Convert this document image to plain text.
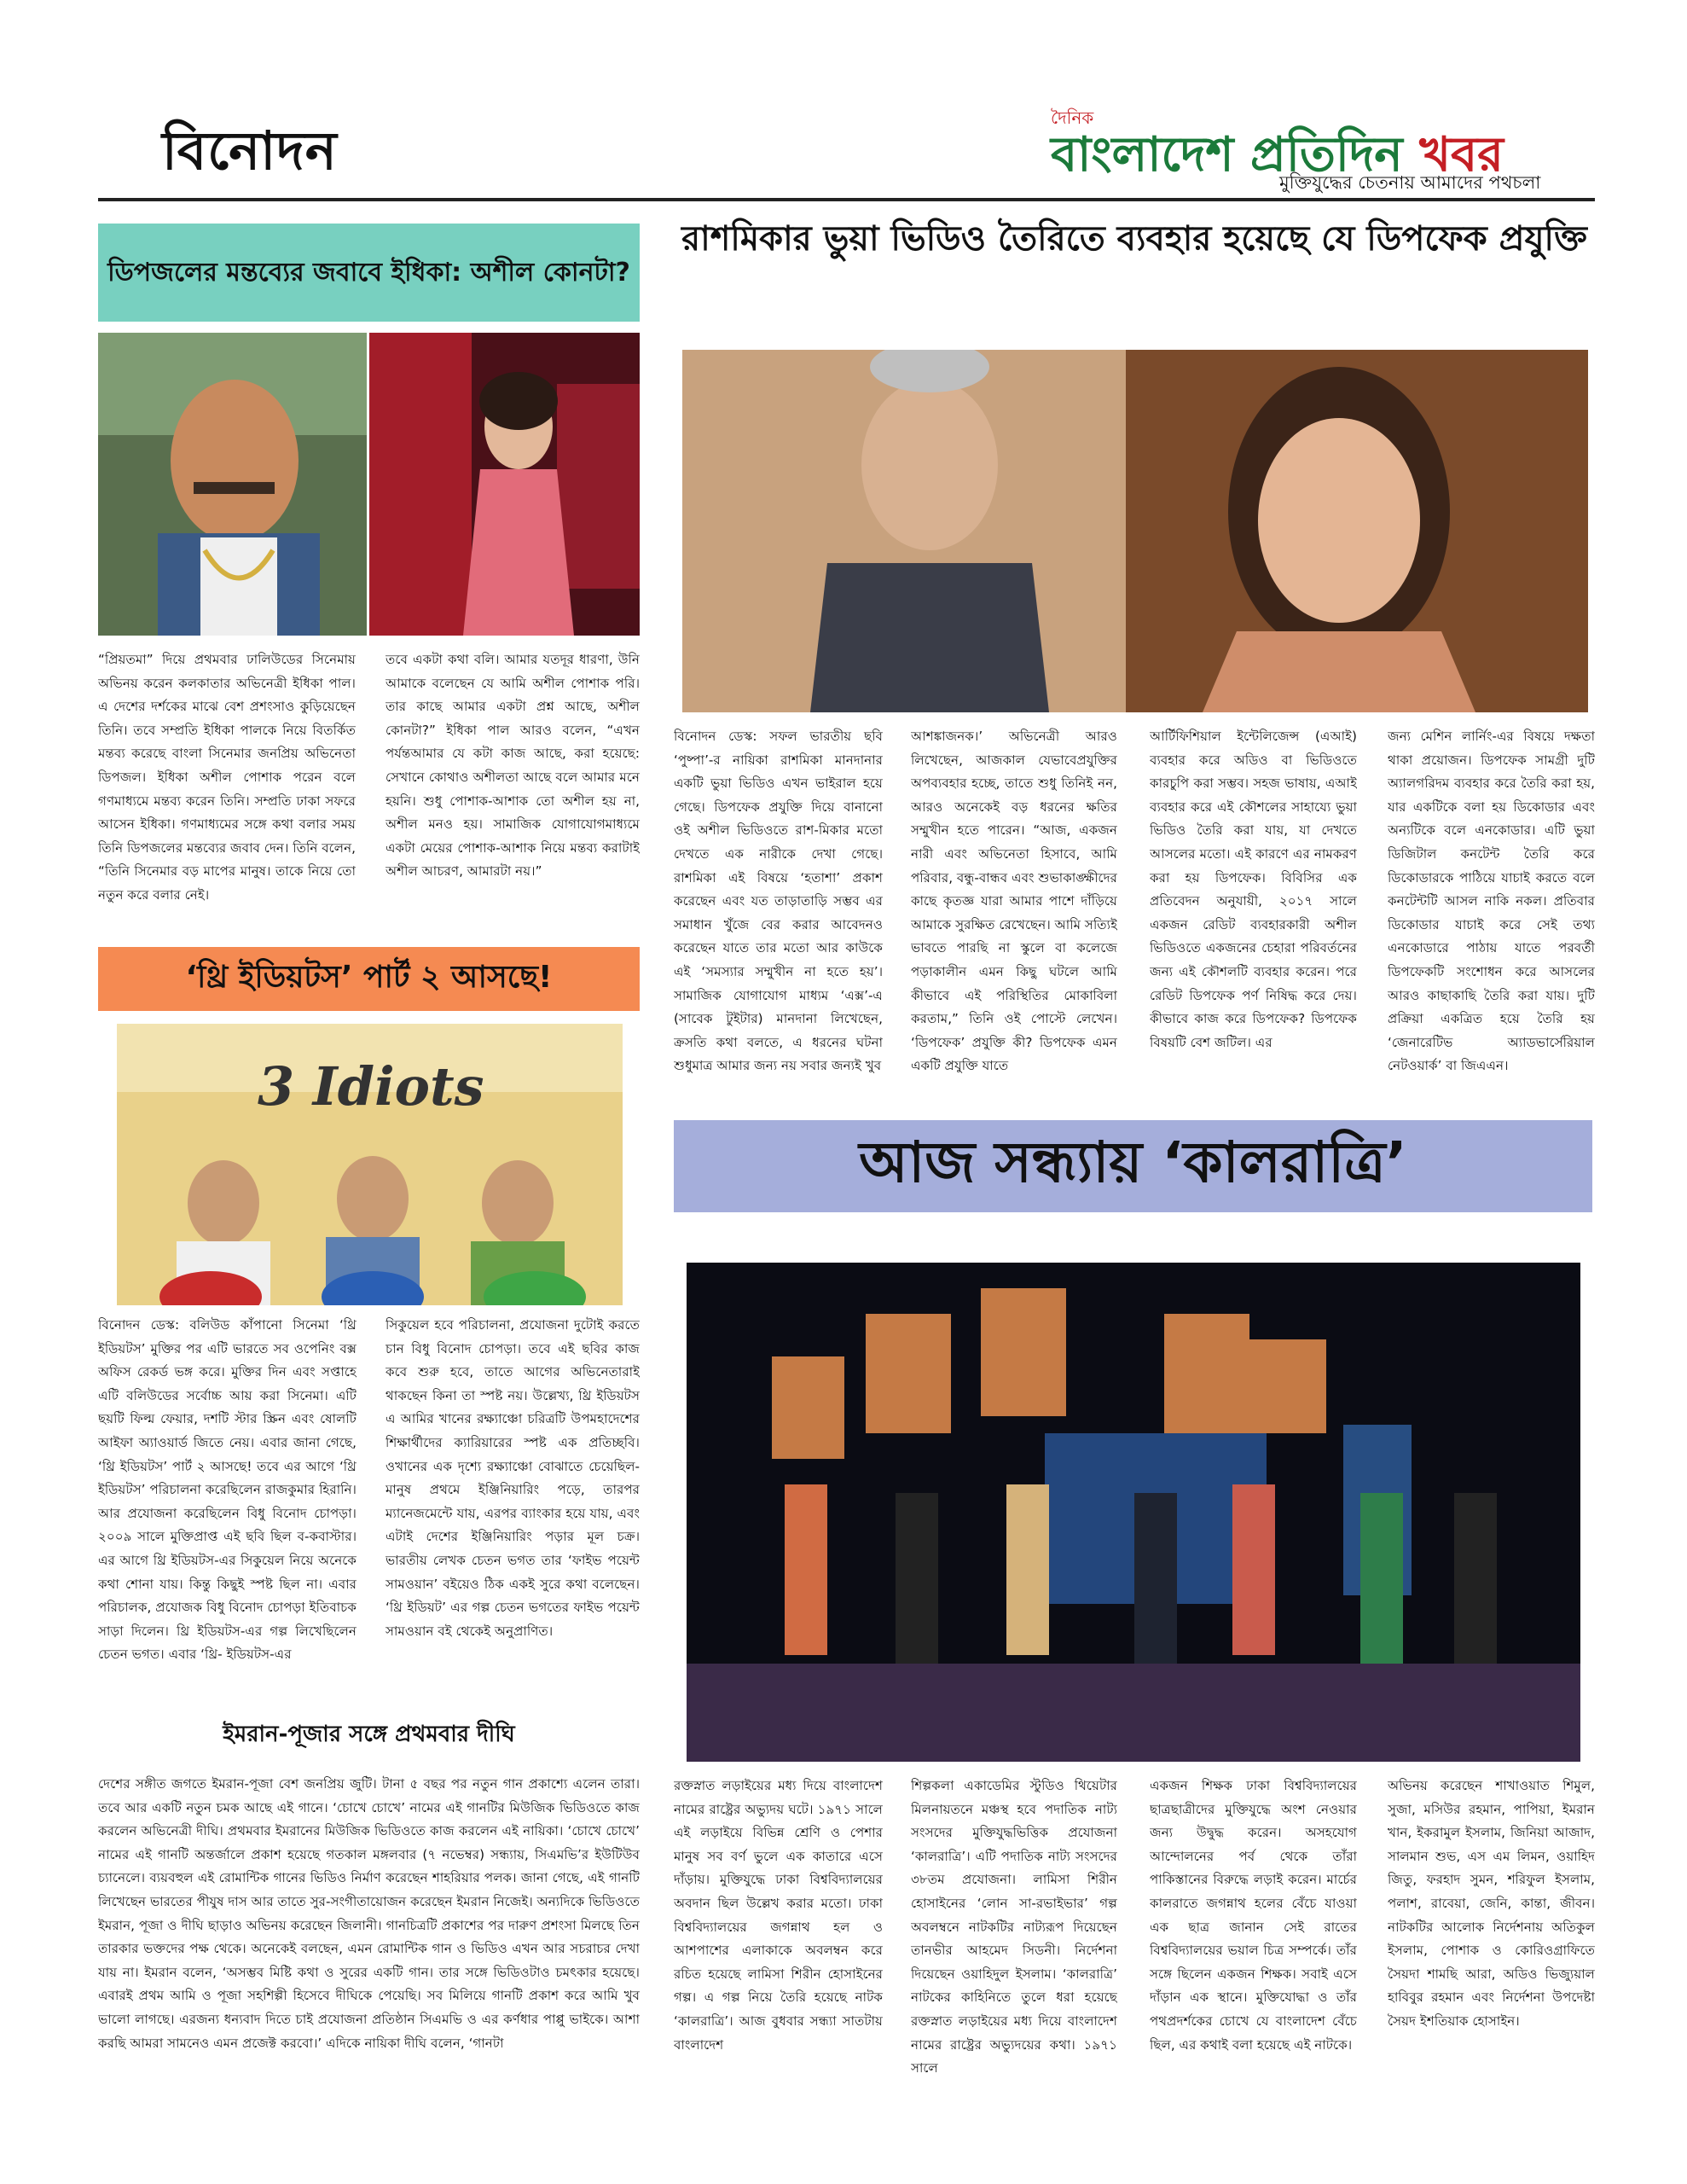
বিনোদন
দৈনিক
বাংলাদেশ প্রতিদিন খবর
মুক্তিযুদ্ধের চেতনায় আমাদের পথচলা
ডিপজলের মন্তব্যের জবাবে ইধিকা: অশীল কোনটা?
“প্রিয়তমা” দিয়ে প্রথমবার ঢালিউডের সিনেমায় অভিনয় করেন কলকাতার অভিনেত্রী ইধিকা পাল। এ দেশের দর্শকের মাঝে বেশ প্রশংসাও কুড়িয়েছেন তিনি। তবে সম্প্রতি ইধিকা পালকে নিয়ে বিতর্কিত মন্তব্য করেছে বাংলা সিনেমার জনপ্রিয় অভিনেতা ডিপজল। ইধিকা অশীল পোশাক পরেন বলে গণমাধ্যমে মন্তব্য করেন তিনি। সম্প্রতি ঢাকা সফরে আসেন ইধিকা। গণমাধ্যমের সঙ্গে কথা বলার সময় তিনি ডিপজলের মন্তব্যের জবাব দেন। তিনি বলেন, “তিনি সিনেমার বড় মাপের মানুষ। তাকে নিয়ে তো নতুন করে বলার নেই।
তবে একটা কথা বলি। আমার যতদূর ধারণা, উনি আমাকে বলেছেন যে আমি অশীল পোশাক পরি। তার কাছে আমার একটা প্রশ্ন আছে, অশীল কোনটা?” ইধিকা পাল আরও বলেন, “এখন পর্যন্তআমার যে কটা কাজ আছে, করা হয়েছে: সেখানে কোথাও অশীলতা আছে বলে আমার মনে হয়নি। শুধু পোশাক-আশাক তো অশীল হয় না, অশীল মনও হয়। সামাজিক যোগাযোগমাধ্যমে একটা মেয়ের পোশাক-আশাক নিয়ে মন্তব্য করাটাই অশীল আচরণ, আমারটা নয়।”
‘থ্রি ইডিয়টস’ পার্ট ২ আসছে!
3 Idiots
বিনোদন ডেস্ক: বলিউড কাঁপানো সিনেমা ‘থ্রি ইডিয়টস’ মুক্তির পর এটি ভারতে সব ওপেনিং বক্স অফিস রেকর্ড ভঙ্গ করে। মুক্তির দিন এবং সপ্তাহে এটি বলিউডের সর্বোচ্চ আয় করা সিনেমা। এটি ছয়টি ফিল্ম ফেয়ার, দশটি স্টার স্ক্রিন এবং ষোলটি আইফা অ্যাওয়ার্ড জিতে নেয়। এবার জানা গেছে, ‘থ্রি ইডিয়টস’ পার্ট ২ আসছে! তবে এর আগে ‘থ্রি ইডিয়টস’ পরিচালনা করেছিলেন রাজকুমার হিরানি। আর প্রযোজনা করেছিলেন বিধু বিনোদ চোপড়া। ২০০৯ সালে মুক্তিপ্রাপ্ত এই ছবি ছিল ব-কবাস্টার। এর আগে থ্রি ইডিয়টস-এর সিকুয়েল নিয়ে অনেকে কথা শোনা যায়। কিন্তু কিছুই স্পষ্ট ছিল না। এবার পরিচালক, প্রযোজক বিধু বিনোদ চোপড়া ইতিবাচক সাড়া দিলেন। থ্রি ইডিয়টস-এর গল্প লিখেছিলেন চেতন ভগত। এবার ‘থ্রি- ইডিয়টস-এর
সিকুয়েল হবে পরিচালনা, প্রযোজনা দুটোই করতে চান বিধু বিনোদ চোপড়া। তবে এই ছবির কাজ কবে শুরু হবে, তাতে আগের অভিনেতারাই থাকছেন কিনা তা স্পষ্ট নয়। উল্লেখ্য, থ্রি ইডিয়টস এ আমির খানের রক্ষ্যাঞ্চো চরিত্রটি উপমহাদেশের শিক্ষার্থীদের ক্যারিয়ারের স্পষ্ট এক প্রতিচ্ছবি। ওখানের এক দৃশ্যে রক্ষ্যাঞ্চো বোঝাতে চেয়েছিল- মানুষ প্রথমে ইঞ্জিনিয়ারিং পড়ে, তারপর ম্যানেজমেন্টে যায়, এরপর ব্যাংকার হয়ে যায়, এবং এটাই দেশের ইঞ্জিনিয়ারিং পড়ার মূল চক্র। ভারতীয় লেখক চেতন ভগত তার ‘ফাইভ পয়েন্ট সামওয়ান’ বইয়েও ঠিক একই সুরে কথা বলেছেন। ‘থ্রি ইডিয়ট’ এর গল্প চেতন ভগতের ফাইভ পয়েন্ট সামওয়ান বই থেকেই অনুপ্রাণিত।
ইমরান-পূজার সঙ্গে প্রথমবার দীঘি
দেশের সঙ্গীত জগতে ইমরান-পূজা বেশ জনপ্রিয় জুটি। টানা ৫ বছর পর নতুন গান প্রকাশ্যে এলেন তারা। তবে আর একটি নতুন চমক আছে এই গানে। ‘চোখে চোখে’ নামের এই গানটির মিউজিক ভিডিওতে কাজ করলেন অভিনেত্রী দীঘি। প্রথমবার ইমরানের মিউজিক ভিডিওতে কাজ করলেন এই নায়িকা। ‘চোখে চোখে’ নামের এই গানটি অন্তর্জালে প্রকাশ হয়েছে গতকাল মঙ্গলবার (৭ নভেম্বর) সন্ধ্যায়, সিএমভি’র ইউটিউব চ্যানেলে। ব্যয়বহুল এই রোমান্টিক গানের ভিডিও নির্মাণ করেছেন শাহরিয়ার পলক। জানা গেছে, এই গানটি লিখেছেন ভারতের পীযুষ দাস আর তাতে সুর-সংগীতায়োজন করেছেন ইমরান নিজেই। অন্যদিকে ভিডিওতে ইমরান, পূজা ও দীঘি ছাড়াও অভিনয় করেছেন জিলানী। গানচিত্রটি প্রকাশের পর দারুণ প্রশংসা মিলছে তিন তারকার ভক্তদের পক্ষ থেকে। অনেকেই বলছেন, এমন রোমান্টিক গান ও ভিডিও এখন আর সচরাচর দেখা যায় না। ইমরান বলেন, ‘অসম্ভব মিষ্টি কথা ও সুরের একটি গান। তার সঙ্গে ভিডিওটাও চমৎকার হয়েছে। এবারই প্রথম আমি ও পূজা সহশিল্পী হিসেবে দীঘিকে পেয়েছি। সব মিলিয়ে গানটি প্রকাশ করে আমি খুব ভালো লাগছে। এরজন্য ধন্যবাদ দিতে চাই প্রযোজনা প্রতিষ্ঠান সিএমভি ও এর কর্ণধার পাপ্পু ভাইকে। আশা করছি আমরা সামনেও এমন প্রজেক্ট করবো।’ এদিকে নায়িকা দীঘি বলেন, ‘গানটা
রাশমিকার ভুয়া ভিডিও তৈরিতে ব্যবহার হয়েছে যে ডিপফেক প্রযুক্তি
বিনোদন ডেস্ক: সফল ভারতীয় ছবি ‘পুষ্পা’-র নায়িকা রাশমিকা মানদানার একটি ভুয়া ভিডিও এখন ভাইরাল হয়ে গেছে। ডিপফেক প্রযুক্তি দিয়ে বানানো ওই অশীল ভিডিওতে রাশ-মিকার মতো দেখতে এক নারীকে দেখা গেছে। রাশমিকা এই বিষয়ে ‘হতাশা’ প্রকাশ করেছেন এবং যত তাড়াতাড়ি সম্ভব এর সমাধান খুঁজে বের করার আবেদনও করেছেন যাতে তার মতো আর কাউকে এই ‘সমস্যার সম্মুখীন না হতে হয়’। সামাজিক যোগাযোগ মাধ্যম ‘এক্স’-এ (সাবেক টুইটার) মানদানা লিখেছেন, ক্রসতি কথা বলতে, এ ধরনের ঘটনা শুধুমাত্র আমার জন্য নয় সবার জন্যই খুব
আশঙ্কাজনক।’ অভিনেত্রী আরও লিখেছেন, আজকাল যেভাবেপ্রযুক্তির অপব্যবহার হচ্ছে, তাতে শুধু তিনিই নন, আরও অনেকেই বড় ধরনের ক্ষতির সম্মুখীন হতে পারেন। “আজ, একজন নারী এবং অভিনেতা হিসাবে, আমি পরিবার, বন্ধু-বান্ধব এবং শুভাকাঙ্ক্ষীদের কাছে কৃতজ্ঞ যারা আমার পাশে দাঁড়িয়ে আমাকে সুরক্ষিত রেখেছেন। আমি সত্যিই ভাবতে পারছি না স্কুলে বা কলেজে পড়াকালীন এমন কিছু ঘটলে আমি কীভাবে এই পরিস্থিতির মোকাবিলা করতাম,” তিনি ওই পোস্টে লেখেন। ‘ডিপফেক’ প্রযুক্তি কী? ডিপফেক এমন একটি প্রযুক্তি যাতে
আর্টিফিশিয়াল ইন্টেলিজেন্স (এআই) ব্যবহার করে অডিও বা ভিডিওতে কারচুপি করা সম্ভব। সহজ ভাষায়, এআই ব্যবহার করে এই কৌশলের সাহায্যে ভুয়া ভিডিও তৈরি করা যায়, যা দেখতে আসলের মতো। এই কারণে এর নামকরণ করা হয় ডিপফেক। বিবিসির এক প্রতিবেদন অনুযায়ী, ২০১৭ সালে একজন রেডিট ব্যবহারকারী অশীল ভিডিওতে একজনের চেহারা পরিবর্তনের জন্য এই কৌশলটি ব্যবহার করেন। পরে রেডিট ডিপফেক পর্ণ নিষিদ্ধ করে দেয়। কীভাবে কাজ করে ডিপফেক? ডিপফেক বিষয়টি বেশ জটিল। এর
জন্য মেশিন লার্নিং-এর বিষয়ে দক্ষতা থাকা প্রয়োজন। ডিপফেক সামগ্রী দুটি অ্যালগরিদম ব্যবহার করে তৈরি করা হয়, যার একটিকে বলা হয় ডিকোডার এবং অন্যটিকে বলে এনকোডার। এটি ভুয়া ডিজিটাল কনটেন্ট তৈরি করে ডিকোডারকে পাঠিয়ে যাচাই করতে বলে কনটেন্টটি আসল নাকি নকল। প্রতিবার ডিকোডার যাচাই করে সেই তথ্য এনকোডারে পাঠায় যাতে পরবর্তী ডিপফেকটি সংশোধন করে আসলের আরও কাছাকাছি তৈরি করা যায়। দুটি প্রক্রিয়া একত্রিত হয়ে তৈরি হয় ‘জেনারেটিভ অ্যাডভার্সেরিয়াল নেটওয়ার্ক’ বা জিএএন।
আজ সন্ধ্যায় ‘কালরাত্রি’
রক্তস্নাত লড়াইয়ের মধ্য দিয়ে বাংলাদেশ নামের রাষ্ট্রের অভ্যুদয় ঘটে। ১৯৭১ সালে এই লড়াইয়ে বিভিন্ন শ্রেণি ও পেশার মানুষ সব বর্ণ ভুলে এক কাতারে এসে দাঁড়ায়। মুক্তিযুদ্ধে ঢাকা বিশ্ববিদ্যালয়ের অবদান ছিল উল্লেখ করার মতো। ঢাকা বিশ্ববিদ্যালয়ের জগন্নাথ হল ও আশপাশের এলাকাকে অবলম্বন করে রচিত হয়েছে লামিসা শিরীন হোসাইনের গল্প। এ গল্প নিয়ে তৈরি হয়েছে নাটক ‘কালরাত্রি’। আজ বুধবার সন্ধ্যা সাতটায় বাংলাদেশ
শিল্পকলা একাডেমির স্টুডিও থিয়েটার মিলনায়তনে মঞ্চস্থ হবে পদাতিক নাট্য সংসদের মুক্তিযুদ্ধভিত্তিক প্রযোজনা ‘কালরাত্রি’। এটি পদাতিক নাট্য সংসদের ৩৮তম প্রযোজনা। লামিসা শিরীন হোসাইনের ‘লোন সা-রভাইভার’ গল্প অবলম্বনে নাটকটির নাট্যরূপ দিয়েছেন তানভীর আহমেদ সিডনী। নির্দেশনা দিয়েছেন ওয়াহিদুল ইসলাম। ‘কালরাত্রি’ নাটকের কাহিনিতে তুলে ধরা হয়েছে রক্তস্নাত লড়াইয়ের মধ্য দিয়ে বাংলাদেশ নামের রাষ্ট্রের অভ্যুদয়ের কথা। ১৯৭১ সালে
একজন শিক্ষক ঢাকা বিশ্ববিদ্যালয়ের ছাত্রছাত্রীদের মুক্তিযুদ্ধে অংশ নেওয়ার জন্য উদ্বুদ্ধ করেন। অসহযোগ আন্দোলনের পর্ব থেকে তাঁরা পাকিস্তানের বিরুদ্ধে লড়াই করেন। মার্চের কালরাতে জগন্নাথ হলের বেঁচে যাওয়া এক ছাত্র জানান সেই রাতের বিশ্ববিদ্যালয়ের ভয়াল চিত্র সম্পর্কে। তাঁর সঙ্গে ছিলেন একজন শিক্ষক। সবাই এসে দাঁড়ান এক স্থানে। মুক্তিযোদ্ধা ও তাঁর পথপ্রদর্শকের চোখে যে বাংলাদেশ বেঁচে ছিল, এর কথাই বলা হয়েছে এই নাটকে।
অভিনয় করেছেন শাখাওয়াত শিমুল, সুজা, মসিউর রহমান, পাপিয়া, ইমরান খান, ইকরামুল ইসলাম, জিনিয়া আজাদ, সালমান শুভ, এস এম লিমন, ওয়াহিদ জিতু, ফরহাদ সুমন, শরিফুল ইসলাম, পলাশ, রাবেয়া, জেনি, কান্তা, জীবন। নাটকটির আলোক নির্দেশনায় অতিকুল ইসলাম, পোশাক ও কোরিওগ্রাফিতে সৈয়দা শামছি আরা, অডিও ভিজ্যুয়াল হাবিবুর রহমান এবং নির্দেশনা উপদেষ্টা সৈয়দ ইশতিয়াক হোসাইন।
